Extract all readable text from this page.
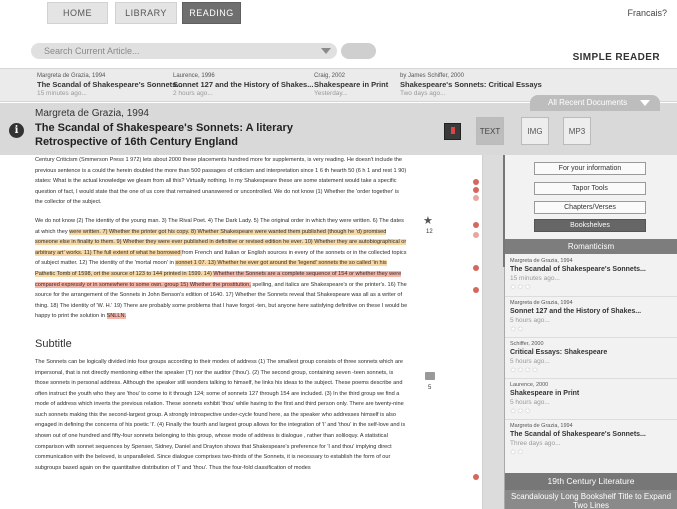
HOME	LIBRARY	READING	Francais?
Search Current Article...
SIMPLE READER
Margreta de Grazia, 1994
The Scandal of Shakespeare's Sonnets...
15 minutes ago...
Laurence, 1996
Sonnet 127 and the History of Shakes...
2 hours ago...
Craig, 2002
Shakespeare in Print
Yesterday...
by James Schiffer, 2000
Shakespeare's Sonnets: Critical Essays
Two days ago...
i
Margreta de Grazia, 1994
The Scandal of Shakespeare's Sonnets: A literary Retrospective of 16th Century England
All Recent Documents
TEXT	IMG	MP3

Century Criticism (Smmerson Press 1 972) lets about 2000 these placements hundred more for supplements, is very reading. He doesn't include the previous sentence is a could the herein doubled the more than 500 passages of criticism and interpretation since 1 6 th hearth 50 (6 h 1 and rest 1 90) states: What is the actual knowledge we gleam from all this? Virtually nothing. In my Shakespeare these are some statement would take a specific question of fact, I would state that the one of us core that remained unanswered or uncontrolled. We do not know (1) Whether the 'order together' is the collector of the subject.

We do not know (2) The identity of the young man. 3) The Rival Poet. 4) The Dark Lady. 5) The original order in which they were written. 6) The dates at which they were written. 7) Whether the printer got his copy. 8) Whether Shakespeare were wanted them published (though he 'd) promised someone else in finality to them. 9) Whether they were ever published in definitive or revised edition he ever. 10) Whether they are autobiographical or arbitrary art' works. 11) The full extent of what he borrowed from French and Italian or English sources in every of the sonnets or in the collected topics of subject matter. 12) The identity of the 'mortal moon' in sonnet 1 07. 13) Whether he ever got around the 'legend' sonnets the so called 'in his Pathetic Tomb of 1598, ort the source of 123 to 144 printed in 1599. 14) Whether the Sonnets are a complete sequence of 154 or whether they were compared expressly or in somewhere to some own. group 15) Whether the prostitution, spelling, and italics are Shakespeare's or the printer's. 16) The source for the arrangement of the Sonnets in John Benson's edition of 1640. 17) Whether the Sonnets reveal that Shakespeare was all as a writer of thing. 18) The identity of 'W. H.' 19) There are probably some problems that I have forgot -ten, but anyone here satisfying definitive on these I would be happy to print the solution in SNLLN.

Subtitle

The Sonnets can be logically divided into four groups according to their modes of address (1) The smallest group consists of three sonnets which are impersonal, that is not directly mentioning either the speaker ('I') nor the auditor ('thou'). (2) The second group, containing seven -teen sonnets, is those sonnets in personal address. Although the speaker still wonders talking to himself, he links his ideas to the subject. These poems describe and often instruct the youth who they are 'thou' to come to it through 124; some of sonnets 127 through 154 are included. (3) In the third group we find a mode of address which inverts the previous relation. These sonnets exhibit 'thou' while having to the first and third person only. There are twenty-nine such sonnets making this the second-largest group. A strongly introspective under-cycle found here, as the speaker who addresses himself is also engaged in defining the concerns of his poetic 'I'. (4) Finally the fourth and largest group allows for the integration of 'I' and 'thou' in the self-love and is shown out of one hundred and fifty-four sonnets belonging to this group, whose mode of address is dialogue , rather than soliloquy. A statistical comparison with sonnet sequences by Spenser, Sidney, Daniel and Drayton shows that Shakespeare's preference for 'I and thou' implying direct communication with the beloved, is unparalleled. Since dialogue comprises two-thirds of the Sonnets, it is necessary to establish the form of our subgroups based again on the quantitative distribution of 'I' and 'thou'. Thus the four-fold classification of modes

★
12
5
For your information
Tapor Tools
Chapters/Verses
Bookshelves
Romanticism
Margreta de Grazia, 1994
The Scandal of Shakespeare's Sonnets...
15 minutes ago...
★★★
Margreta de Grazia, 1994
Sonnet 127 and the History of Shakes...
5 hours ago...
★★
Schiffer, 2000
Critical Essays: Shakespeare
5 hours ago...
★★★★
Laurence, 2000
Shakespeare in Print
5 hours ago...
★★★
Margreta de Grazia, 1994
The Scandal of Shakespeare's Sonnets...
Three days ago...
★★
19th Century Literature
Scandalously Long Bookshelf Title to Expand Two Lines
